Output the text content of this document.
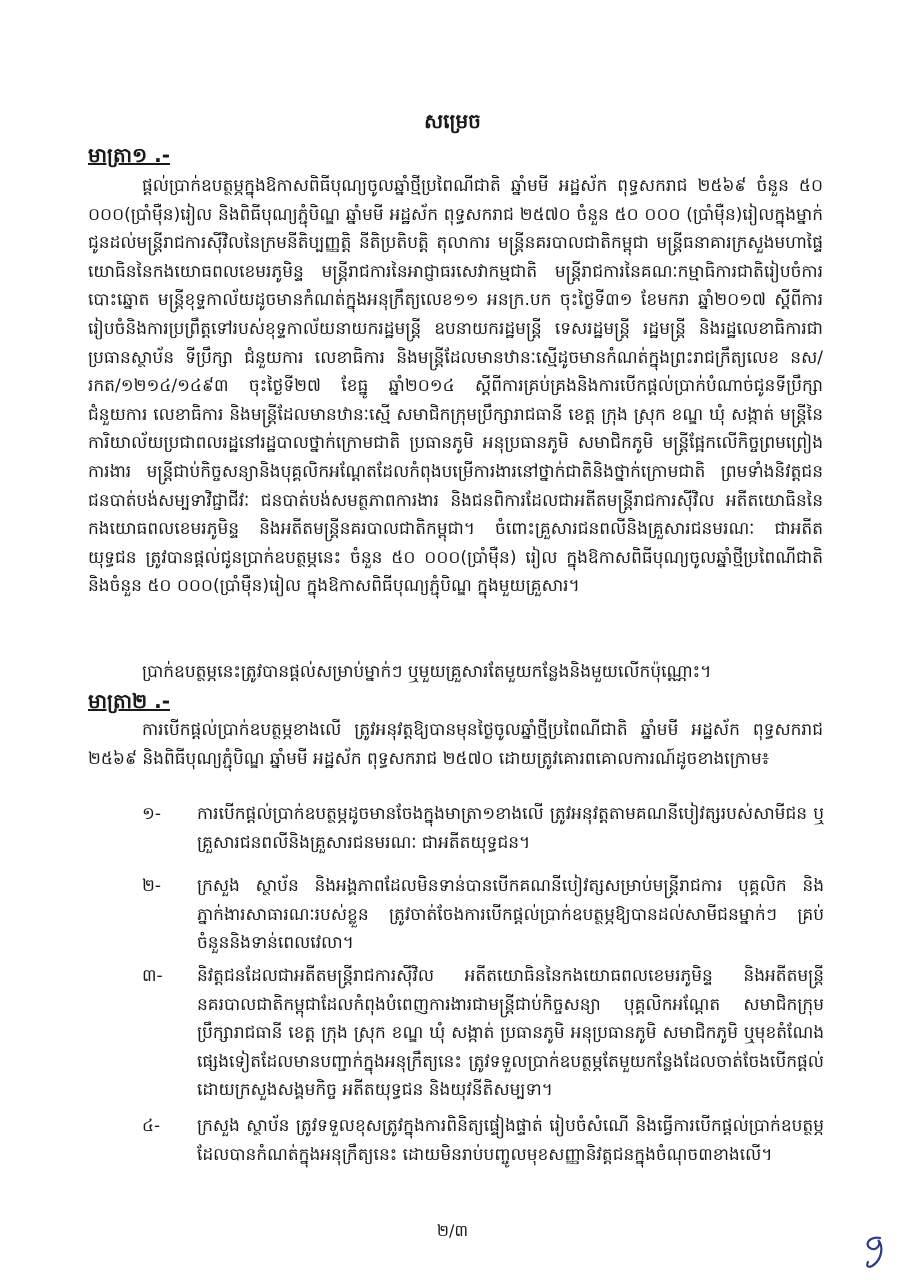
សម្រេច
មាត្រា១ .-

ផ្តល់ប្រាក់ឧបត្ថម្ភក្នុងឱកាសពិធីបុណ្យចូលឆ្នាំថ្មីប្រពៃណីជាតិ ឆ្នាំមមី អដ្ឋស័ក ពុទ្ធសករាជ ២៥៦៩ ចំនួន ៥០ ០០០(ប្រាំម៉ឺន)រៀល និងពិធីបុណ្យភ្ជុំបិណ្ឌ ឆ្នាំមមី អដ្ឋស័ក ពុទ្ធសករាជ ២៥៧០ ចំនួន ៥០ ០០០ (ប្រាំម៉ឺន)រៀលក្នុងម្នាក់ ជូនដល់មន្ត្រីរាជការស៊ីវិលនៃក្រមនីតិប្បញ្ញត្តិ នីតិប្រតិបត្តិ តុលាការ មន្ត្រីនគរបាលជាតិកម្ពុជា មន្ត្រីធនាគារក្រសួងមហាផ្ទៃ យោធិននៃកងយោធពលខេមរភូមិន្ទ មន្ត្រីរាជការនៃអាជ្ញាធរសេវាកម្មជាតិ មន្ត្រីរាជការនៃគណៈកម្មាធិការជាតិរៀបចំការបោះឆ្នោត មន្ត្រីខុទ្ទកាល័យដូចមានកំណត់ក្នុងអនុក្រឹត្យលេខ១១ អនក្រ.បក ចុះថ្ងៃទី៣១ ខែមករា ឆ្នាំ២០១៧ ស្តីពីការរៀបចំនិងការប្រព្រឹត្តទៅរបស់ខុទ្ទកាល័យនាយករដ្ឋមន្ត្រី ឧបនាយករដ្ឋមន្ត្រី ទេសរដ្ឋមន្ត្រី រដ្ឋមន្ត្រី និងរដ្ឋលេខាធិការជាប្រធានស្ថាប័ន ទីប្រឹក្សា ជំនួយការ លេខាធិការ និងមន្ត្រីដែលមានឋានៈស្មើដូចមានកំណត់ក្នុងព្រះរាជក្រឹត្យលេខ នស/រកត/១២១៤/១៤៩៣ ចុះថ្ងៃទី២៧ ខែធ្នូ ឆ្នាំ២០១៤ ស្តីពីការគ្រប់គ្រងនិងការបើកផ្តល់ប្រាក់បំណាច់ជូនទីប្រឹក្សា ជំនួយការ លេខាធិការ និងមន្ត្រីដែលមានឋានៈស្មើ សមាជិកក្រុមប្រឹក្សារាជធានី ខេត្ត ក្រុង ស្រុក ខណ្ឌ ឃុំ សង្កាត់ មន្ត្រីនៃការិយាល័យប្រជាពលរដ្ឋនៅរដ្ឋបាលថ្នាក់ក្រោមជាតិ ប្រធានភូមិ អនុប្រធានភូមិ សមាជិកភូមិ មន្ត្រីផ្អែកលើកិច្ចព្រមព្រៀងការងារ មន្ត្រីជាប់កិច្ចសន្យានិងបុគ្គលិកអណ្តែតដែលកំពុងបម្រើការងារនៅថ្នាក់ជាតិនិងថ្នាក់ក្រោមជាតិ ព្រមទាំងនិវត្តជន ជនបាត់បង់សម្បទាវិជ្ជាជីវៈ ជនបាត់បង់សមត្ថភាពការងារ និងជនពិការដែលជាអតីតមន្ត្រីរាជការស៊ីវិល អតីតយោធិននៃកងយោធពលខេមរភូមិន្ទ និងអតីតមន្ត្រីនគរបាលជាតិកម្ពុជា។ ចំពោះគ្រួសារជនពលីនិងគ្រួសារជនមរណៈ ជាអតីតយុទ្ធជន ត្រូវបានផ្តល់ជូនប្រាក់ឧបត្ថម្ភនេះ ចំនួន ៥០ ០០០(ប្រាំម៉ឺន) រៀល ក្នុងឱកាសពិធីបុណ្យចូលឆ្នាំថ្មីប្រពៃណីជាតិ និងចំនួន ៥០ ០០០(ប្រាំម៉ឺន)រៀល ក្នុងឱកាសពិធីបុណ្យភ្ជុំបិណ្ឌ ក្នុងមួយគ្រួសារ។

ប្រាក់ឧបត្ថម្ភនេះត្រូវបានផ្តល់សម្រាប់ម្នាក់ៗ ឬមួយគ្រួសារតែមួយកន្លែងនិងមួយលើកប៉ុណ្ណោះ។

មាត្រា២ .-

ការបើកផ្តល់ប្រាក់ឧបត្ថម្ភខាងលើ ត្រូវអនុវត្តឱ្យបានមុនថ្ងៃចូលឆ្នាំថ្មីប្រពៃណីជាតិ ឆ្នាំមមី អដ្ឋស័ក ពុទ្ធសករាជ ២៥៦៩ និងពិធីបុណ្យភ្ជុំបិណ្ឌ ឆ្នាំមមី អដ្ឋស័ក ពុទ្ធសករាជ ២៥៧០ ដោយត្រូវគោរពគោលការណ៍ដូចខាងក្រោម៖

១- ការបើកផ្តល់ប្រាក់ឧបត្ថម្ភដូចមានចែងក្នុងមាត្រា១ខាងលើ ត្រូវអនុវត្តតាមគណនីបៀវត្សរបស់សាមីជន ឬគ្រួសារជនពលីនិងគ្រួសារជនមរណៈ ជាអតីតយុទ្ធជន។
២- ក្រសួង ស្ថាប័ន និងអង្គភាពដែលមិនទាន់បានបើកគណនីបៀវត្សសម្រាប់មន្ត្រីរាជការ បុគ្គលិក និងភ្នាក់ងារសាធារណៈរបស់ខ្លួន ត្រូវចាត់ចែងការបើកផ្តល់ប្រាក់ឧបត្ថម្ភឱ្យបានដល់សាមីជនម្នាក់ៗ គ្រប់ចំនួននិងទាន់ពេលវេលា។
៣- និវត្តជនដែលជាអតីតមន្ត្រីរាជការស៊ីវិល អតីតយោធិននៃកងយោធពលខេមរភូមិន្ទ និងអតីតមន្ត្រីនគរបាលជាតិកម្ពុជាដែលកំពុងបំពេញការងារជាមន្ត្រីជាប់កិច្ចសន្យា បុគ្គលិកអណ្តែត សមាជិកក្រុមប្រឹក្សារាជធានី ខេត្ត ក្រុង ស្រុក ខណ្ឌ ឃុំ សង្កាត់ ប្រធានភូមិ អនុប្រធានភូមិ សមាជិកភូមិ ឬមុខតំណែងផ្សេងទៀតដែលមានបញ្ជាក់ក្នុងអនុក្រឹត្យនេះ ត្រូវទទួលប្រាក់ឧបត្ថម្ភតែមួយកន្លែងដែលចាត់ចែងបើកផ្តល់ដោយក្រសួងសង្គមកិច្ច អតីតយុទ្ធជន និងយុវនីតិសម្បទា។
៤- ក្រសួង ស្ថាប័ន ត្រូវទទួលខុសត្រូវក្នុងការពិនិត្យផ្ទៀងផ្ទាត់ រៀបចំសំណើ និងធ្វើការបើកផ្តល់ប្រាក់ឧបត្ថម្ភដែលបានកំណត់ក្នុងអនុក្រឹត្យនេះ ដោយមិនរាប់បញ្ចូលមុខសញ្ញានិវត្តជនក្នុងចំណុច៣ខាងលើ។
២/៣
